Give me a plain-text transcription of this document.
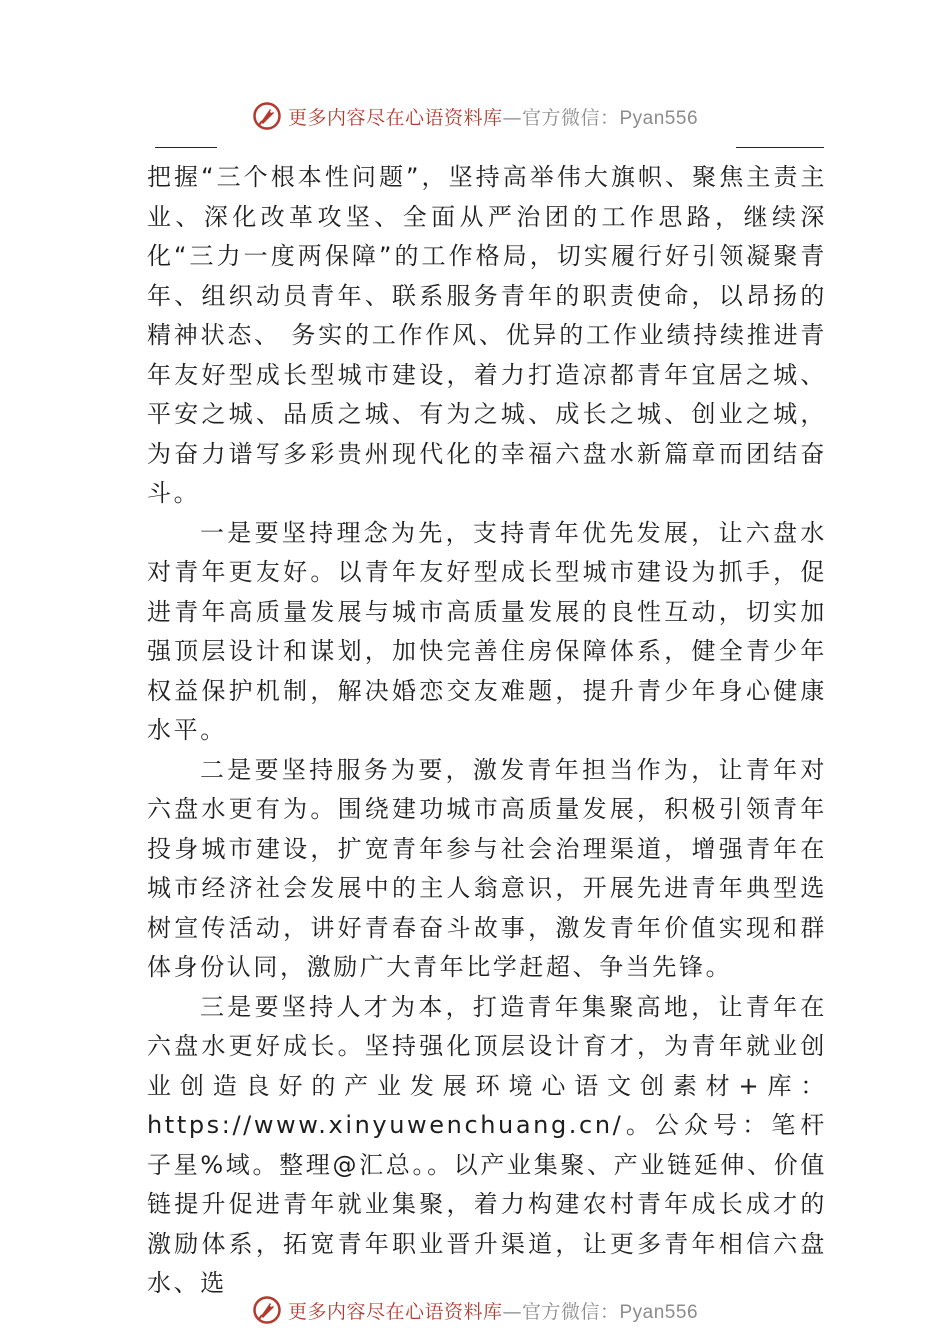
更多内容尽在心语资料库—官方微信：Pyan556

把握“三个根本性问题”，坚持高举伟大旗帜、聚焦主责主业、深化改革攻坚、全面从严治团的工作思路，继续深化“三力一度两保障”的工作格局，切实履行好引领凝聚青年、组织动员青年、联系服务青年的职责使命，以昂扬的精神状态、 务实的工作作风、优异的工作业绩持续推进青年友好型成长型城市建设，着力打造凉都青年宜居之城、平安之城、品质之城、有为之城、成长之城、创业之城，为奋力谱写多彩贵州现代化的幸福六盘水新篇章而团结奋斗。

一是要坚持理念为先，支持青年优先发展，让六盘水对青年更友好。以青年友好型成长型城市建设为抓手，促进青年高质量发展与城市高质量发展的良性互动，切实加强顶层设计和谋划，加快完善住房保障体系，健全青少年权益保护机制，解决婚恋交友难题，提升青少年身心健康水平。

二是要坚持服务为要，激发青年担当作为，让青年对六盘水更有为。围绕建功城市高质量发展，积极引领青年投身城市建设，扩宽青年参与社会治理渠道，增强青年在城市经济社会发展中的主人翁意识，开展先进青年典型选树宣传活动，讲好青春奋斗故事，激发青年价值实现和群体身份认同，激励广大青年比学赶超、争当先锋。

三是要坚持人才为本，打造青年集聚高地，让青年在六盘水更好成长。坚持强化顶层设计育才，为青年就业创业创造良好的产业发展环境心语文创素材+库：https://www.xinyuwenchuang.cn/。公众号：笔杆子星%域。整理@汇总。。以产业集聚、产业链延伸、价值链提升促进青年就业集聚，着力构建农村青年成长成才的激励体系，拓宽青年职业晋升渠道，让更多青年相信六盘水、选

更多内容尽在心语资料库—官方微信：Pyan556
